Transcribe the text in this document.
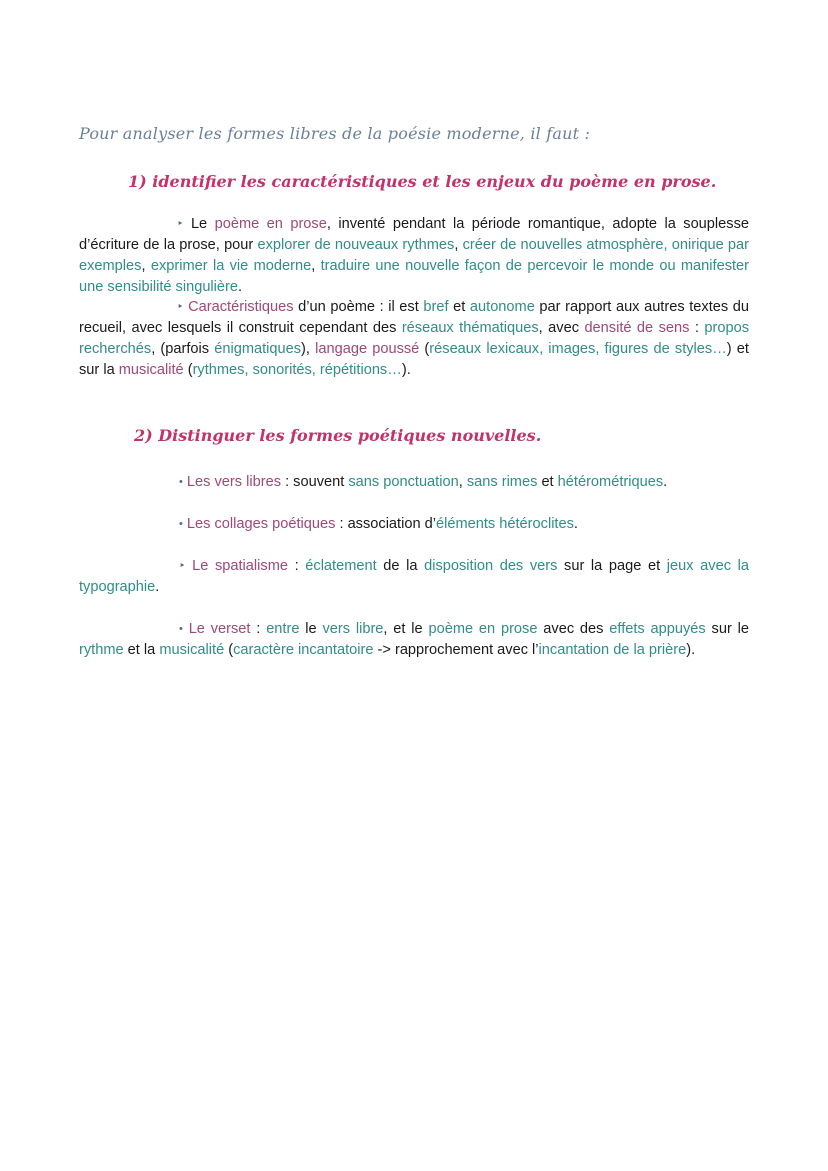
Pour analyser les formes libres de la poésie moderne, il faut :
1) identifier les caractéristiques et les enjeux du poème en prose.
‣ Le poème en prose, inventé pendant la période romantique, adopte la souplesse d’écriture de la prose, pour explorer de nouveaux rythmes, créer de nouvelles atmosphère, onirique par exemples, exprimer la vie moderne, traduire une nouvelle façon de percevoir le monde ou manifester une sensibilité singulière.
‣ Caractéristiques d’un poème : il est bref et autonome par rapport aux autres textes du recueil, avec lesquels il construit cependant des réseaux thématiques, avec densité de sens : propos recherchés, (parfois énigmatiques), langage poussé (réseaux lexicaux, images, figures de styles…) et sur la musicalité (rythmes, sonorités, répétitions…).
2) Distinguer les formes poétiques nouvelles.
• Les vers libres : souvent sans ponctuation, sans rimes et hétérométriques.
• Les collages poétiques : association d’éléments hétéroclites.
‣ Le spatialisme : éclatement de la disposition des vers sur la page et jeux avec la typographie.
• Le verset : entre le vers libre, et le poème en prose avec des effets appuyés sur le rythme et la musicalité (caractère incantatoire -> rapprochement avec l’incantation de la prière).
